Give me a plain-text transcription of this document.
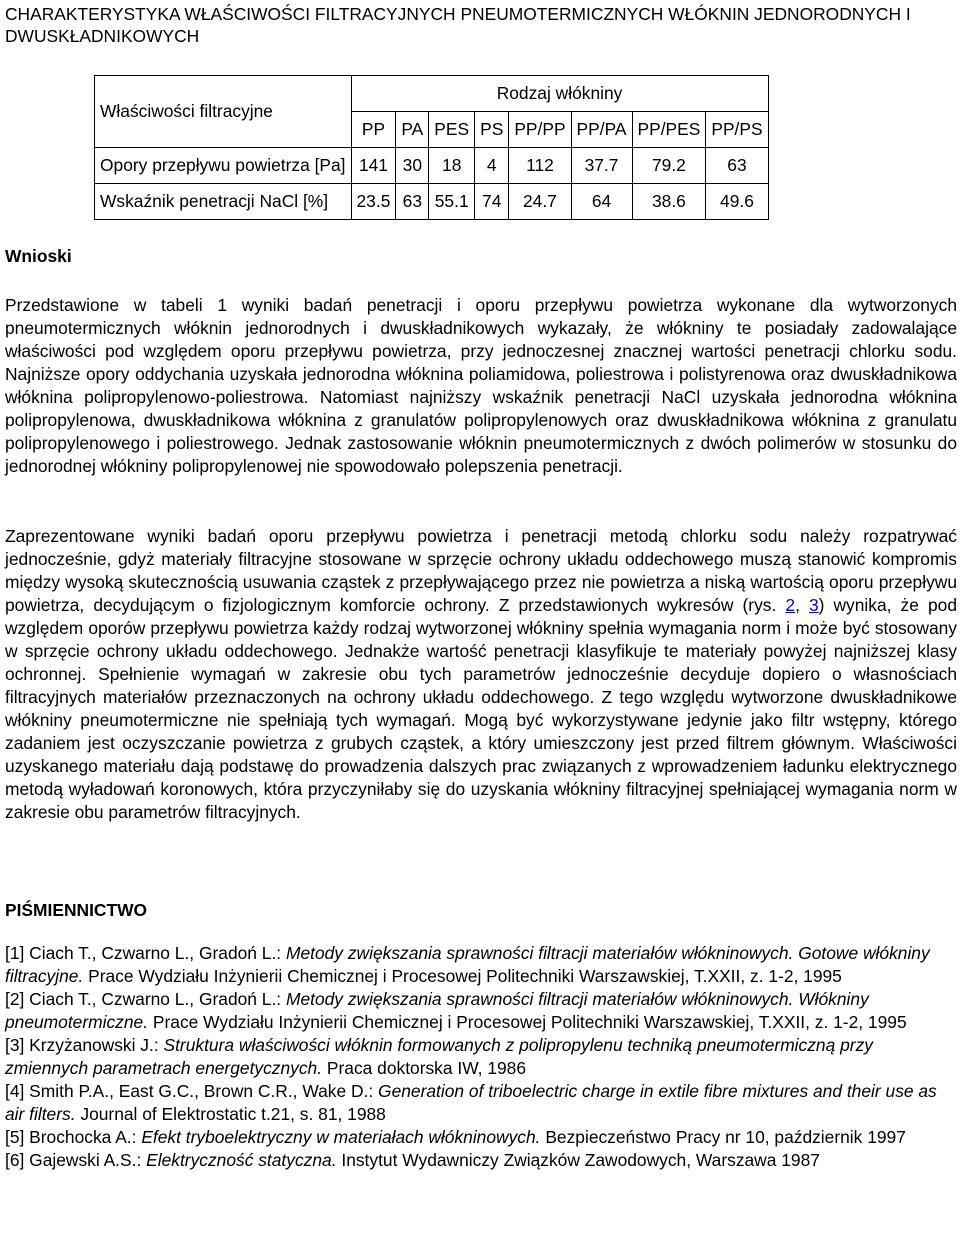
CHARAKTERYSTYKA WŁAŚCIWOŚCI FILTRACYJNYCH PNEUMOTERMICZNYCH WŁÓKNIN JEDNORODNYCH I DWUSKŁADNIKOWYCH
Właściwości filtracyjne	Rodzaj włókniny							
	PP	PA	PES	PS	PP/PP	PP/PA	PP/PES	PP/PS
Opory przepływu powietrza [Pa]	141	30	18	4	112	37.7	79.2	63
Wskaźnik penetracji NaCl [%]	23.5	63	55.1	74	24.7	64	38.6	49.6
Wnioski
Przedstawione w tabeli 1 wyniki badań penetracji i oporu przepływu powietrza wykonane dla wytworzonych pneumotermicznych włóknin jednorodnych i dwuskładnikowych wykazały, że włókniny te posiadały zadowalające właściwości pod względem oporu przepływu powietrza, przy jednoczesnej znacznej wartości penetracji chlorku sodu. Najniższe opory oddychania uzyskała jednorodna włóknina poliamidowa, poliestrowa i polistyrenowa oraz dwuskładnikowa włóknina polipropylenowo-poliestrowa. Natomiast najniższy wskaźnik penetracji NaCl uzyskała jednorodna włóknina polipropylenowa, dwuskładnikowa włóknina z granulatów polipropylenowych oraz dwuskładnikowa włóknina z granulatu polipropylenowego i poliestrowego. Jednak zastosowanie włóknin pneumotermicznych z dwóch polimerów w stosunku do jednorodnej włókniny polipropylenowej nie spowodowało polepszenia penetracji.
Zaprezentowane wyniki badań oporu przepływu powietrza i penetracji metodą chlorku sodu należy rozpatrywać jednocześnie, gdyż materiały filtracyjne stosowane w sprzęcie ochrony układu oddechowego muszą stanowić kompromis między wysoką skutecznością usuwania cząstek z przepływającego przez nie powietrza a niską wartością oporu przepływu powietrza, decydującym o fizjologicznym komforcie ochrony. Z przedstawionych wykresów (rys. 2, 3) wynika, że pod względem oporów przepływu powietrza każdy rodzaj wytworzonej włókniny spełnia wymagania norm i może być stosowany w sprzęcie ochrony układu oddechowego. Jednakże wartość penetracji klasyfikuje te materiały powyżej najniższej klasy ochronnej. Spełnienie wymagań w zakresie obu tych parametrów jednocześnie decyduje dopiero o własnościach filtracyjnych materiałów przeznaczonych na ochrony układu oddechowego. Z tego względu wytworzone dwuskładnikowe włókniny pneumotermiczne nie spełniają tych wymagań. Mogą być wykorzystywane jedynie jako filtr wstępny, którego zadaniem jest oczyszczanie powietrza z grubych cząstek, a który umieszczony jest przed filtrem głównym. Właściwości uzyskanego materiału dają podstawę do prowadzenia dalszych prac związanych z wprowadzeniem ładunku elektrycznego metodą wyładowań koronowych, która przyczyniłaby się do uzyskania włókniny filtracyjnej spełniającej wymagania norm w zakresie obu parametrów filtracyjnych.
PIŚMIENNICTWO

[1] Ciach T., Czwarno L., Gradoń L.: Metody zwiększania sprawności filtracji materiałów włókninowych. Gotowe włókniny filtracyjne. Prace Wydziału Inżynierii Chemicznej i Procesowej Politechniki Warszawskiej, T.XXII, z. 1-2, 1995

[2] Ciach T., Czwarno L., Gradoń L.: Metody zwiększania sprawności filtracji materiałów włókninowych. Włókniny pneumotermiczne. Prace Wydziału Inżynierii Chemicznej i Procesowej Politechniki Warszawskiej, T.XXII, z. 1-2, 1995

[3] Krzyżanowski J.: Struktura właściwości włóknin formowanych z polipropylenu techniką pneumotermiczną przy zmiennych parametrach energetycznych. Praca doktorska IW, 1986

[4] Smith P.A., East G.C., Brown C.R., Wake D.: Generation of triboelectric charge in extile fibre mixtures and their use as air filters. Journal of Elektrostatic t.21, s. 81, 1988

[5] Brochocka A.: Efekt tryboelektryczny w materiałach włókninowych. Bezpieczeństwo Pracy nr 10, październik 1997

[6] Gajewski A.S.: Elektryczność statyczna. Instytut Wydawniczy Związków Zawodowych, Warszawa 1987
